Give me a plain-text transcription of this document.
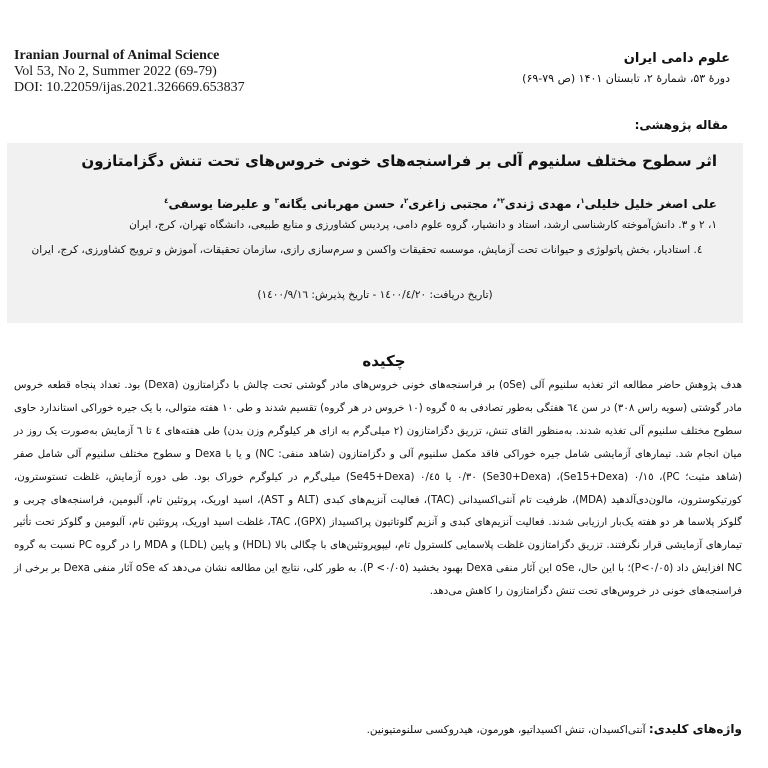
Iranian Journal of Animal Science
Vol 53, No 2, Summer 2022 (69-79)
DOI: 10.22059/ijas.2021.326669.653837
علوم دامی ایران
دورۀ ۵۳، شمارۀ ۲، تابستان ۱۴۰۱ (ص ۷۹-۶۹)
مقاله پژوهشی:
اثر سطوح مختلف سلنیوم آلی بر فراسنجه‌های خونی خروس‌های تحت تنش دگزامتازون
علی اصغر خلیل خلیلی$^۱$، مهدی ژندی$^{۲*}$، مجتبی زاغری$^۲$، حسن مهربانی یگانه$^۳$ و علیرضا یوسفی$^٤$
۱، ۲ و ۳. دانش‌آموخته کارشناسی ارشد، استاد و دانشیار، گروه علوم دامی، پردیس کشاورزی و منابع طبیعی، دانشگاه تهران، کرج، ایران
٤. استادیار، بخش پاتولوژی و حیوانات تحت آزمایش، موسسه تحقیقات واکسن و سرم‌سازی رازی، سازمان تحقیقات، آموزش و ترویج کشاورزی، کرج، ایران
(تاریخ دریافت: ۱٤۰۰/٤/۲۰ - تاریخ پذیرش: ۱٤۰۰/۹/۱٦)
چکیده
هدف پژوهش حاضر مطالعه اثر تغذیه سلنیوم آلی (oSe) بر فراسنجه‌های خونی خروس‌های مادر گوشتی تحت چالش با دگزامتازون (Dexa) بود. تعداد پنجاه قطعه خروس مادر گوشتی (سویه راس ۳۰۸) در سن ٦٤ هفتگی به‌طور تصادفی به ٥ گروه (۱۰ خروس در هر گروه) تقسیم شدند و طی ۱۰ هفته متوالی، با یک جیره خوراکی استاندارد حاوی سطوح مختلف سلنیوم آلی تغذیه شدند. به‌منظور القای تنش، تزریق دگزامتازون (۲ میلی‌گرم به ازای هر کیلوگرم وزن بدن) طی هفته‌های ٤ تا ٦ آزمایش به‌صورت یک روز در میان انجام شد. تیمارهای آزمایشی شامل جیره خوراکی فاقد مکمل سلنیوم آلی و دگزامتازون (شاهد منفی: NC) و یا با Dexa و سطوح مختلف سلنیوم آلی شامل صفر (شاهد مثبت؛ PC)، ۰/۱٥ (Se15+Dexa)، ۰/۳۰ (Se30+Dexa) یا ۰/٤٥ (Se45+Dexa) میلی‌گرم در کیلوگرم خوراک بود. طی دوره آزمایش، غلظت تستوسترون، کورتیکوسترون، مالون‌دی‌آلدهید (MDA)، ظرفیت تام آنتی‌اکسیدانی (TAC)، فعالیت آنزیم‌های کبدی (ALT و AST)، اسید اوریک، پروتئین تام، آلبومین، فراسنجه‌های چربی و گلوکز پلاسما هر دو هفته یک‌بار ارزیابی شدند. فعالیت آنزیم‌های کبدی و آنزیم گلوتاتیون پراکسیداز (GPX)، TAC، غلظت اسید اوریک، پروتئین تام، آلبومین و گلوکز تحت تأثیر تیمارهای آزمایشی قرار نگرفتند. تزریق دگزامتازون غلظت پلاسمایی کلسترول تام، لیپوپروتئین‌های با چگالی بالا (HDL) و پایین (LDL) و MDA را در گروه PC نسبت به گروه NC افزایش داد (P<۰/۰٥)؛ با این حال، oSe این آثار منفی Dexa بهبود بخشید (P <۰/۰٥). به طور کلی، نتایج این مطالعه نشان می‌دهد که oSe آثار منفی Dexa بر برخی از فراسنجه‌های خونی در خروس‌های تحت تنش دگزامتازون را کاهش می‌دهد.
واژه‌های کلیدی: آنتی‌اکسیدان، تنش اکسیداتیو، هورمون، هیدروکسی سلنومتیونین.
